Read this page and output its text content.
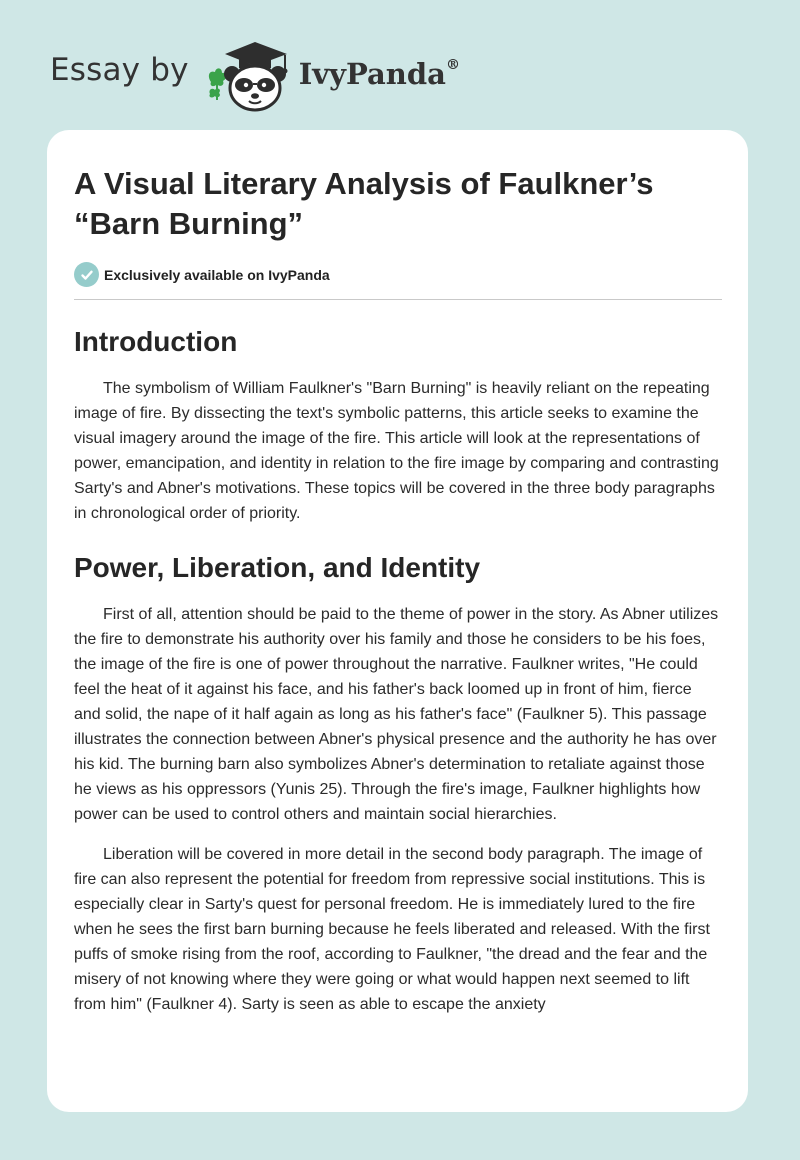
Essay by	IvyPanda®
A Visual Literary Analysis of Faulkner’s “Barn Burning”
Exclusively available on IvyPanda
Introduction

The symbolism of William Faulkner's "Barn Burning" is heavily reliant on the repeating image of fire. By dissecting the text's symbolic patterns, this article seeks to examine the visual imagery around the image of the fire. This article will look at the representations of power, emancipation, and identity in relation to the fire image by comparing and contrasting Sarty's and Abner's motivations. These topics will be covered in the three body paragraphs in chronological order of priority.

Power, Liberation, and Identity

First of all, attention should be paid to the theme of power in the story. As Abner utilizes the fire to demonstrate his authority over his family and those he considers to be his foes, the image of the fire is one of power throughout the narrative. Faulkner writes, "He could feel the heat of it against his face, and his father's back loomed up in front of him, fierce and solid, the nape of it half again as long as his father's face" (Faulkner 5). This passage illustrates the connection between Abner's physical presence and the authority he has over his kid. The burning barn also symbolizes Abner's determination to retaliate against those he views as his oppressors (Yunis 25). Through the fire's image, Faulkner highlights how power can be used to control others and maintain social hierarchies.

Liberation will be covered in more detail in the second body paragraph. The image of fire can also represent the potential for freedom from repressive social institutions. This is especially clear in Sarty's quest for personal freedom. He is immediately lured to the fire when he sees the first barn burning because he feels liberated and released. With the first puffs of smoke rising from the roof, according to Faulkner, "the dread and the fear and the misery of not knowing where they were going or what would happen next seemed to lift from him" (Faulkner 4). Sarty is seen as able to escape the anxiety
